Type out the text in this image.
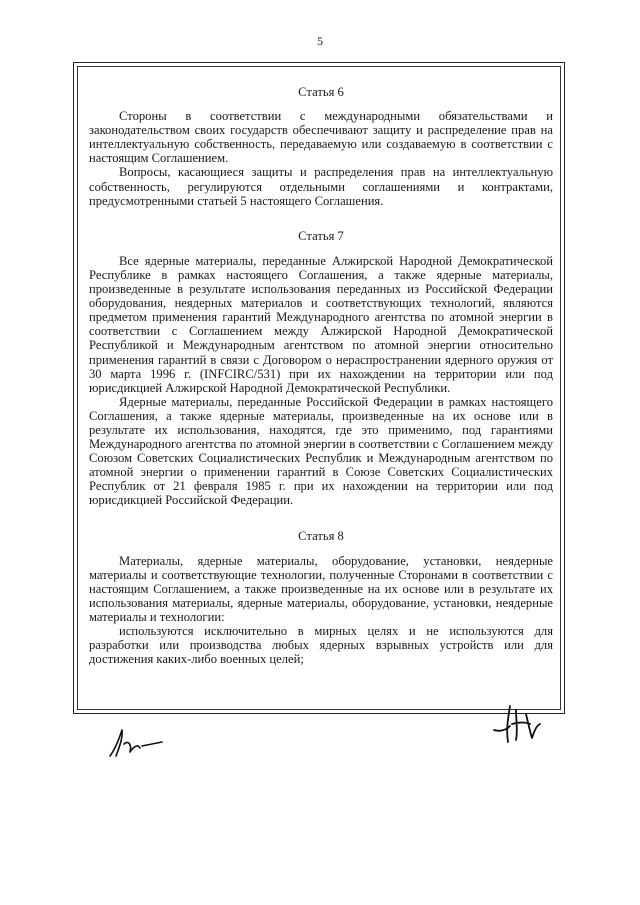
5
Статья 6

Стороны в соответствии с международными обязательствами и законодательством своих государств обеспечивают защиту и распределение прав на интеллектуальную собственность, передаваемую или создаваемую в соответствии с настоящим Соглашением.

Вопросы, касающиеся защиты и распределения прав на интеллектуальную собственность, регулируются отдельными соглашениями и контрактами, предусмотренными статьей 5 настоящего Соглашения.

Статья 7

Все ядерные материалы, переданные Алжирской Народной Демократической Республике в рамках настоящего Соглашения, а также ядерные материалы, произведенные в результате использования переданных из Российской Федерации оборудования, неядерных материалов и соответствующих технологий, являются предметом применения гарантий Международного агентства по атомной энергии в соответствии с Соглашением между Алжирской Народной Демократической Республикой и Международным агентством по атомной энергии относительно применения гарантий в связи с Договором о нераспространении ядерного оружия от 30 марта 1996 г. (INFCIRC/531) при их нахождении на территории или под юрисдикцией Алжирской Народной Демократической Республики.

Ядерные материалы, переданные Российской Федерации в рамках настоящего Соглашения, а также ядерные материалы, произведенные на их основе или в результате их использования, находятся, где это применимо, под гарантиями Международного агентства по атомной энергии в соответствии с Соглашением между Союзом Советских Социалистических Республик и Международным агентством по атомной энергии о применении гарантий в Союзе Советских Социалистических Республик от 21 февраля 1985 г. при их нахождении на территории или под юрисдикцией Российской Федерации.

Статья 8

Материалы, ядерные материалы, оборудование, установки, неядерные материалы и соответствующие технологии, полученные Сторонами в соответствии с настоящим Соглашением, а также произведенные на их основе или в результате их использования материалы, ядерные материалы, оборудование, установки, неядерные материалы и технологии:

используются исключительно в мирных целях и не используются для разработки или производства любых ядерных взрывных устройств или для достижения каких-либо военных целей;
